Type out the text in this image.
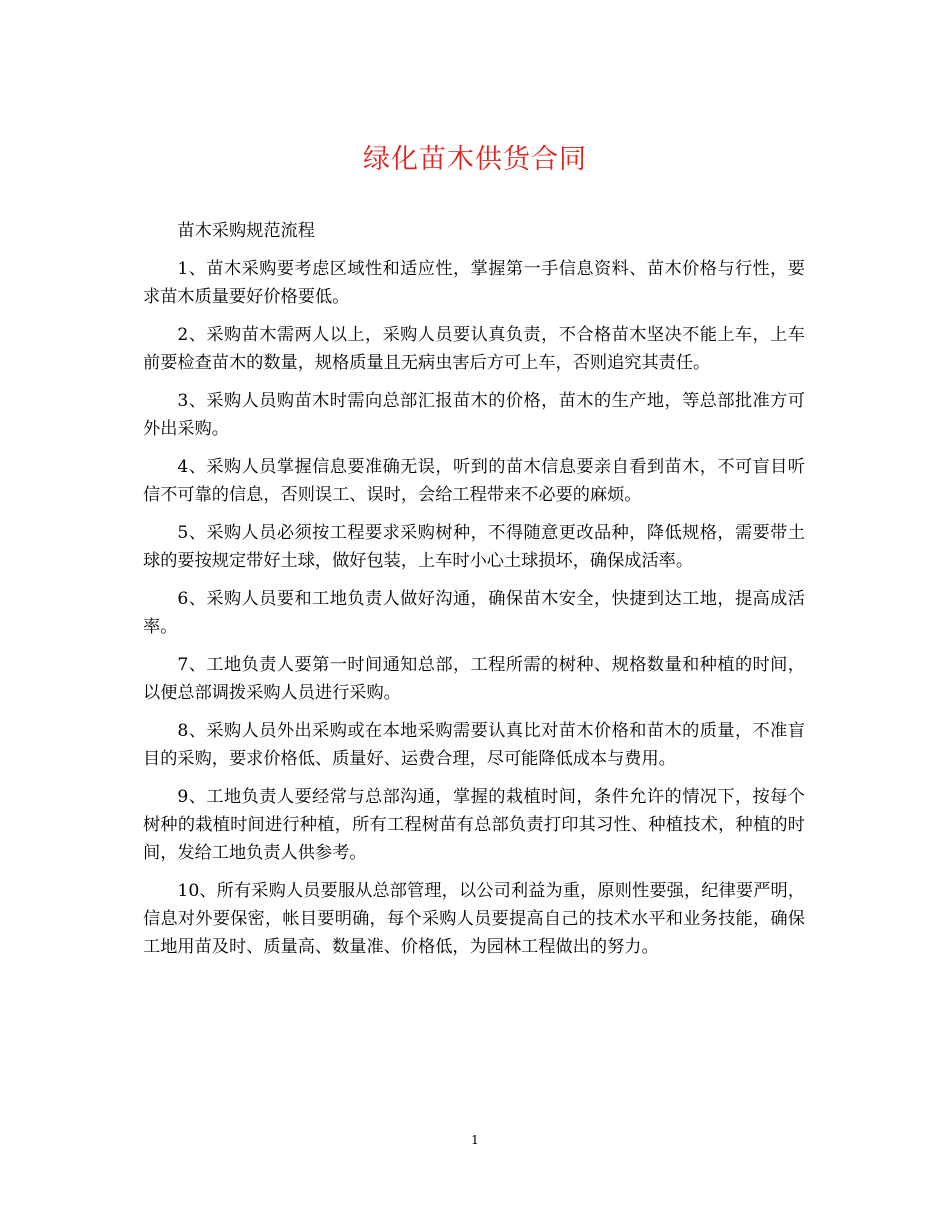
绿化苗木供货合同

苗木采购规范流程

1、苗木采购要考虑区域性和适应性，掌握第一手信息资料、苗木价格与行性，要求苗木质量要好价格要低。

2、采购苗木需两人以上，采购人员要认真负责，不合格苗木坚决不能上车，上车前要检查苗木的数量，规格质量且无病虫害后方可上车，否则追究其责任。

3、采购人员购苗木时需向总部汇报苗木的价格，苗木的生产地，等总部批准方可外出采购。

4、采购人员掌握信息要准确无误，听到的苗木信息要亲自看到苗木，不可盲目听信不可靠的信息，否则误工、误时，会给工程带来不必要的麻烦。

5、采购人员必须按工程要求采购树种，不得随意更改品种，降低规格，需要带土球的要按规定带好土球，做好包装，上车时小心土球损坏，确保成活率。

6、采购人员要和工地负责人做好沟通，确保苗木安全，快捷到达工地，提高成活率。

7、工地负责人要第一时间通知总部，工程所需的树种、规格数量和种植的时间，以便总部调拨采购人员进行采购。

8、采购人员外出采购或在本地采购需要认真比对苗木价格和苗木的质量，不准盲目的采购，要求价格低、质量好、运费合理，尽可能降低成本与费用。

9、工地负责人要经常与总部沟通，掌握的栽植时间，条件允许的情况下，按每个树种的栽植时间进行种植，所有工程树苗有总部负责打印其习性、种植技术，种植的时间，发给工地负责人供参考。

10、所有采购人员要服从总部管理，以公司利益为重，原则性要强，纪律要严明，信息对外要保密，帐目要明确，每个采购人员要提高自己的技术水平和业务技能，确保工地用苗及时、质量高、数量准、价格低，为园林工程做出的努力。

1
